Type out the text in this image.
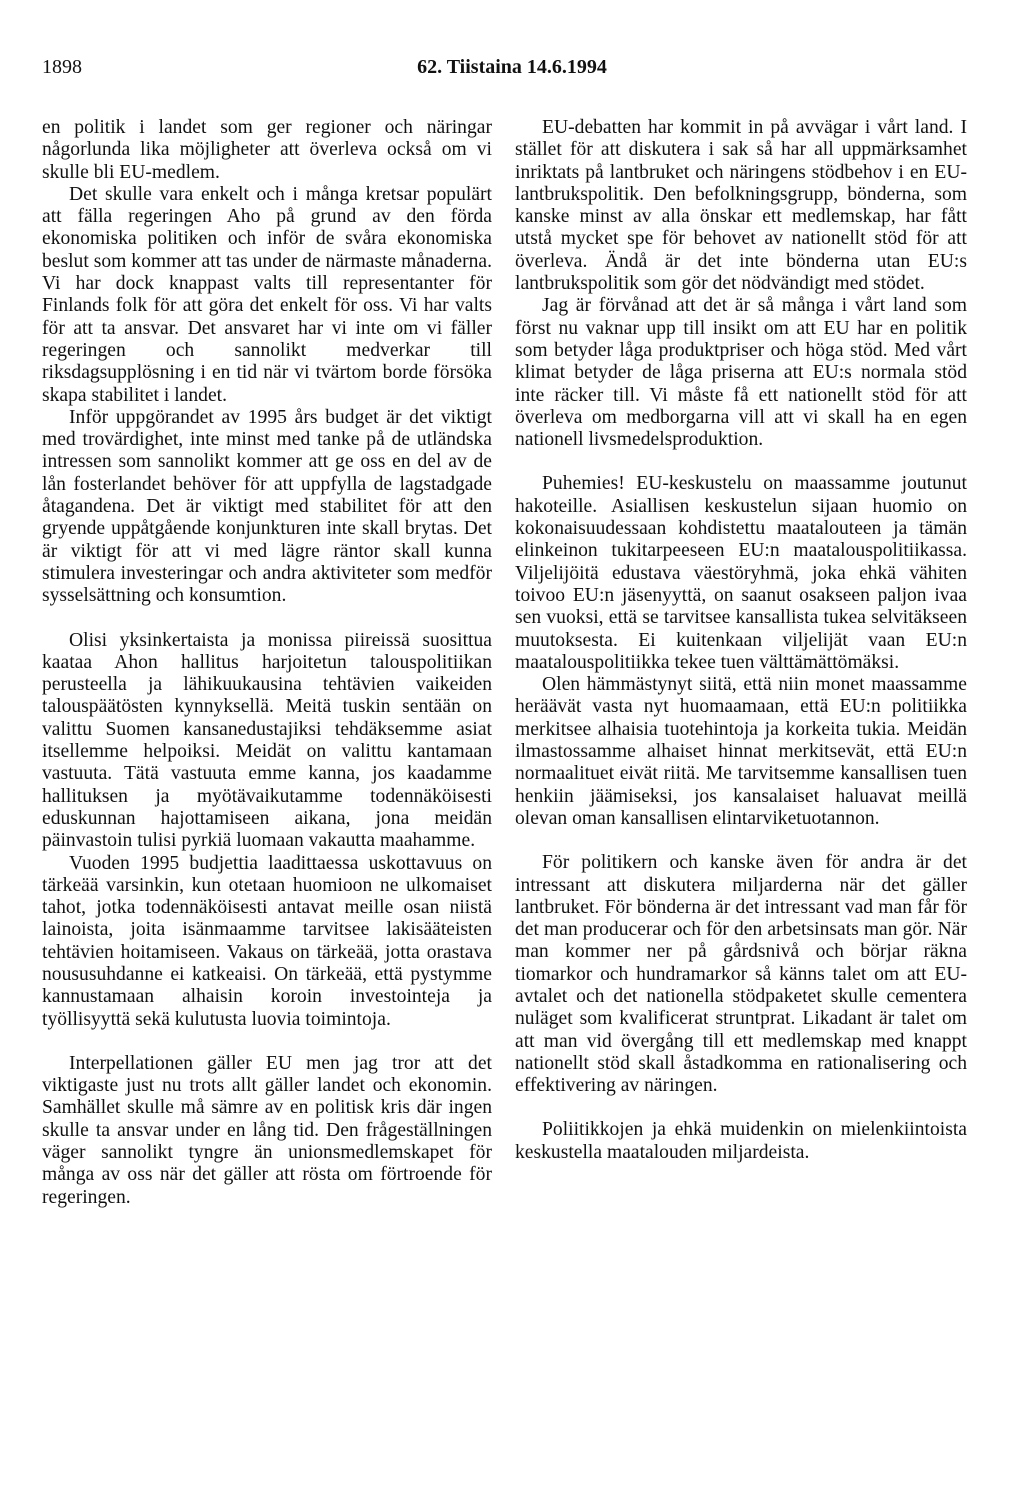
1898	62. Tiistaina 14.6.1994

en politik i landet som ger regioner och näringar någorlunda lika möjligheter att överleva också om vi skulle bli EU-medlem.

Det skulle vara enkelt och i många kretsar populärt att fälla regeringen Aho på grund av den förda ekonomiska politiken och inför de svåra ekonomiska beslut som kommer att tas under de närmaste månaderna. Vi har dock knappast valts till representanter för Finlands folk för att göra det enkelt för oss. Vi har valts för att ta ansvar. Det ansvaret har vi inte om vi fäller regeringen och sannolikt medverkar till riksdagsupplösning i en tid när vi tvärtom borde försöka skapa stabilitet i landet.

Inför uppgörandet av 1995 års budget är det viktigt med trovärdighet, inte minst med tanke på de utländska intressen som sannolikt kommer att ge oss en del av de lån fosterlandet behöver för att uppfylla de lagstadgade åtagandena. Det är viktigt med stabilitet för att den gryende uppåtgående konjunkturen inte skall brytas. Det är viktigt för att vi med lägre räntor skall kunna stimulera investeringar och andra aktiviteter som medför sysselsättning och konsumtion.

Olisi yksinkertaista ja monissa piireissä suosittua kaataa Ahon hallitus harjoitetun talouspolitiikan perusteella ja lähikuukausina tehtävien vaikeiden talouspäätösten kynnyksellä. Meitä tuskin sentään on valittu Suomen kansanedustajiksi tehdäksemme asiat itsellemme helpoiksi. Meidät on valittu kantamaan vastuuta. Tätä vastuuta emme kanna, jos kaadamme hallituksen ja myötävaikutamme todennäköisesti eduskunnan hajottamiseen aikana, jona meidän päinvastoin tulisi pyrkiä luomaan vakautta maahamme.

Vuoden 1995 budjettia laadittaessa uskottavuus on tärkeää varsinkin, kun otetaan huomioon ne ulkomaiset tahot, jotka todennäköisesti antavat meille osan niistä lainoista, joita isänmaamme tarvitsee lakisääteisten tehtävien hoitamiseen. Vakaus on tärkeää, jotta orastava noususuhdanne ei katkeaisi. On tärkeää, että pystymme kannustamaan alhaisin koroin investointeja ja työllisyyttä sekä kulutusta luovia toimintoja.

Interpellationen gäller EU men jag tror att det viktigaste just nu trots allt gäller landet och ekonomin. Samhället skulle må sämre av en politisk kris där ingen skulle ta ansvar under en lång tid. Den frågeställningen väger sannolikt tyngre än unionsmedlemskapet för många av oss när det gäller att rösta om förtroende för regeringen.

EU-debatten har kommit in på avvägar i vårt land. I stället för att diskutera i sak så har all uppmärksamhet inriktats på lantbruket och näringens stödbehov i en EU-lantbrukspolitik. Den befolkningsgrupp, bönderna, som kanske minst av alla önskar ett medlemskap, har fått utstå mycket spe för behovet av nationellt stöd för att överleva. Ändå är det inte bönderna utan EU:s lantbrukspolitik som gör det nödvändigt med stödet.

Jag är förvånad att det är så många i vårt land som först nu vaknar upp till insikt om att EU har en politik som betyder låga produktpriser och höga stöd. Med vårt klimat betyder de låga priserna att EU:s normala stöd inte räcker till. Vi måste få ett nationellt stöd för att överleva om medborgarna vill att vi skall ha en egen nationell livsmedelsproduktion.

Puhemies! EU-keskustelu on maassamme joutunut hakoteille. Asiallisen keskustelun sijaan huomio on kokonaisuudessaan kohdistettu maatalouteen ja tämän elinkeinon tukitarpeeseen EU:n maatalouspolitiikassa. Viljelijöitä edustava väestöryhmä, joka ehkä vähiten toivoo EU:n jäsenyyttä, on saanut osakseen paljon ivaa sen vuoksi, että se tarvitsee kansallista tukea selvitäkseen muutoksesta. Ei kuitenkaan viljelijät vaan EU:n maatalouspolitiikka tekee tuen välttämättömäksi.

Olen hämmästynyt siitä, että niin monet maassamme heräävät vasta nyt huomaamaan, että EU:n politiikka merkitsee alhaisia tuotehintoja ja korkeita tukia. Meidän ilmastossamme alhaiset hinnat merkitsevät, että EU:n normaalituet eivät riitä. Me tarvitsemme kansallisen tuen henkiin jäämiseksi, jos kansalaiset haluavat meillä olevan oman kansallisen elintarviketuotannon.

För politikern och kanske även för andra är det intressant att diskutera miljarderna när det gäller lantbruket. För bönderna är det intressant vad man får för det man producerar och för den arbetsinsats man gör. När man kommer ner på gårdsnivå och börjar räkna tiomarkor och hundramarkor så känns talet om att EU-avtalet och det nationella stödpaketet skulle cementera nuläget som kvalificerat struntprat. Likadant är talet om att man vid övergång till ett medlemskap med knappt nationellt stöd skall åstadkomma en rationalisering och effektivering av näringen.

Poliitikkojen ja ehkä muidenkin on mielenkiintoista keskustella maatalouden miljardeista.
